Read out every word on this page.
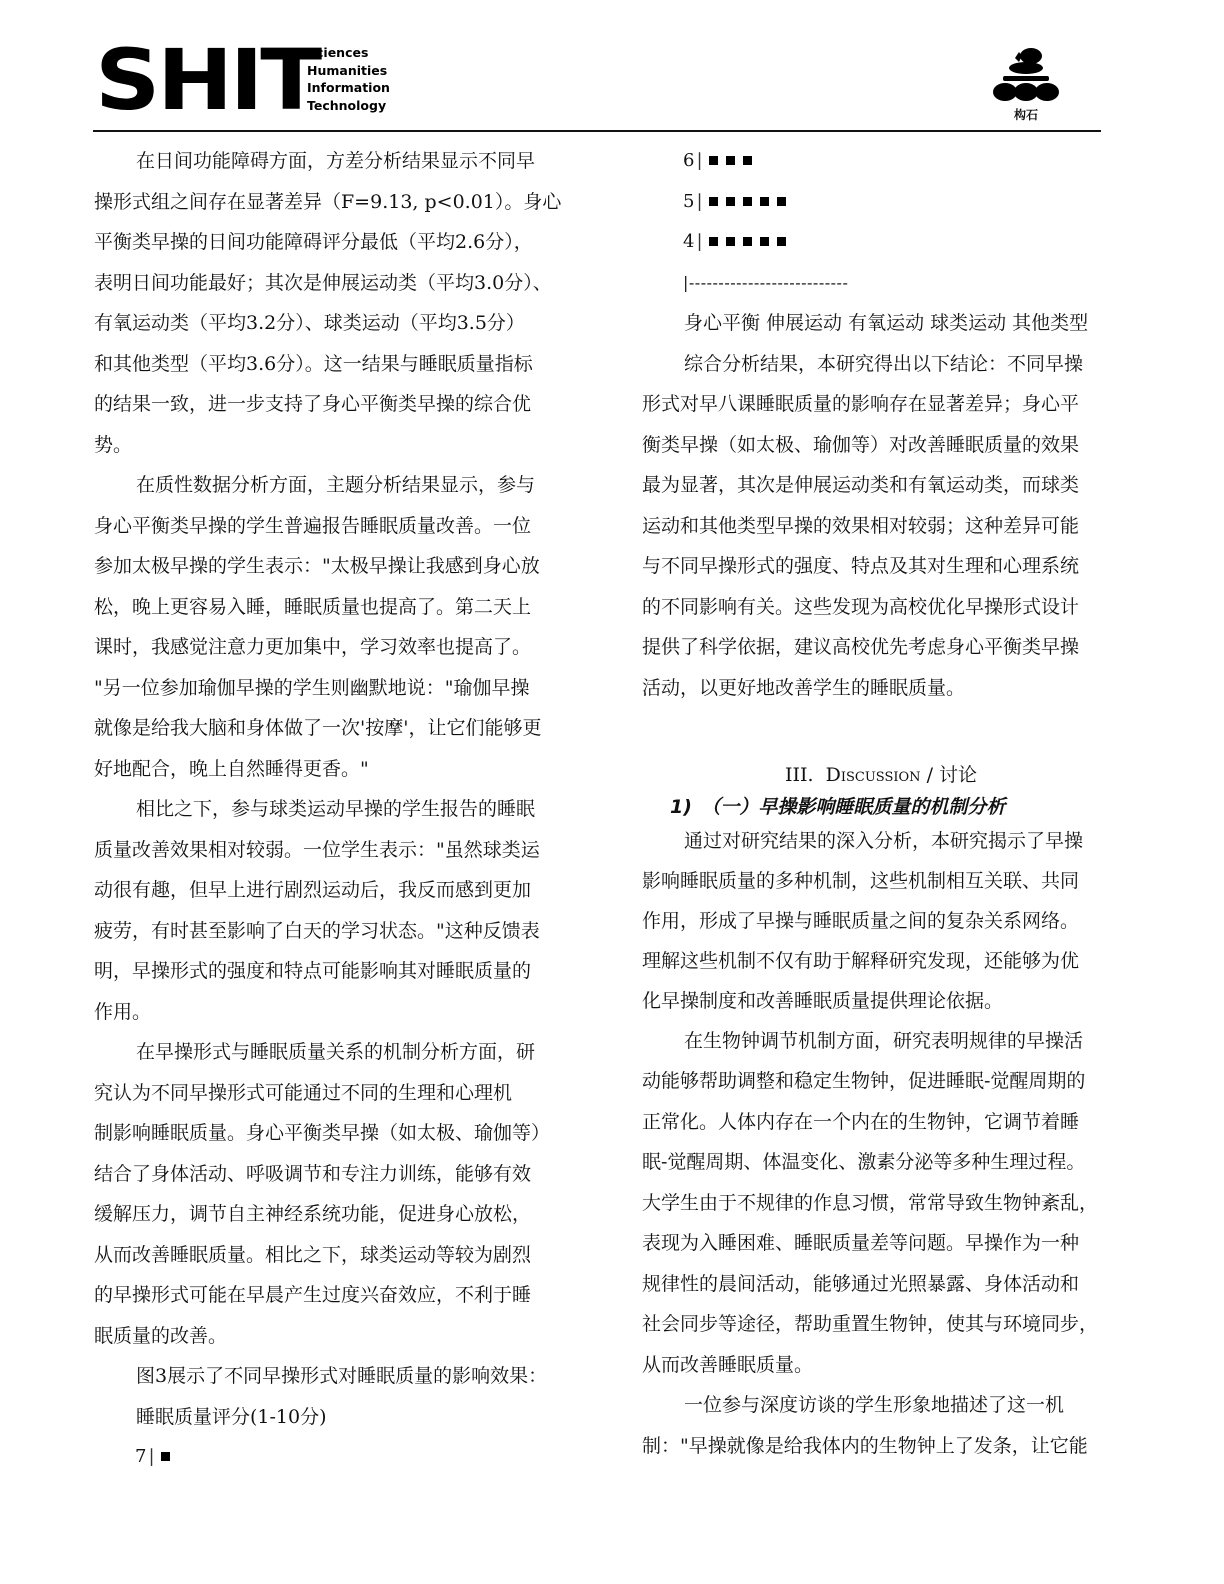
SHIT
Sciences
Humanities
Information
Technology
构石
在日间功能障碍方面，方差分析结果显示不同早
操形式组之间存在显著差异（F=9.13, p<0.01）。身心
平衡类早操的日间功能障碍评分最低（平均2.6分），
表明日间功能最好；其次是伸展运动类（平均3.0分）、
有氧运动类（平均3.2分）、球类运动（平均3.5分）
和其他类型（平均3.6分）。这一结果与睡眠质量指标
的结果一致，进一步支持了身心平衡类早操的综合优
势。
在质性数据分析方面，主题分析结果显示，参与
身心平衡类早操的学生普遍报告睡眠质量改善。一位
参加太极早操的学生表示："太极早操让我感到身心放
松，晚上更容易入睡，睡眠质量也提高了。第二天上
课时，我感觉注意力更加集中，学习效率也提高了。
"另一位参加瑜伽早操的学生则幽默地说："瑜伽早操
就像是给我大脑和身体做了一次'按摩'，让它们能够更
好地配合，晚上自然睡得更香。"
相比之下，参与球类运动早操的学生报告的睡眠
质量改善效果相对较弱。一位学生表示："虽然球类运
动很有趣，但早上进行剧烈运动后，我反而感到更加
疲劳，有时甚至影响了白天的学习状态。"这种反馈表
明，早操形式的强度和特点可能影响其对睡眠质量的
作用。
在早操形式与睡眠质量关系的机制分析方面，研
究认为不同早操形式可能通过不同的生理和心理机
制影响睡眠质量。身心平衡类早操（如太极、瑜伽等）
结合了身体活动、呼吸调节和专注力训练，能够有效
缓解压力，调节自主神经系统功能，促进身心放松，
从而改善睡眠质量。相比之下，球类运动等较为剧烈
的早操形式可能在早晨产生过度兴奋效应，不利于睡
眠质量的改善。
图3展示了不同早操形式对睡眠质量的影响效果：
睡眠质量评分(1-10分)
7 |
6 |
5 |
4 |
|---------------------------
身心平衡 伸展运动 有氧运动 球类运动 其他类型
综合分析结果，本研究得出以下结论：不同早操
形式对早八课睡眠质量的影响存在显著差异；身心平
衡类早操（如太极、瑜伽等）对改善睡眠质量的效果
最为显著，其次是伸展运动类和有氧运动类，而球类
运动和其他类型早操的效果相对较弱；这种差异可能
与不同早操形式的强度、特点及其对生理和心理系统
的不同影响有关。这些发现为高校优化早操形式设计
提供了科学依据，建议高校优先考虑身心平衡类早操
活动，以更好地改善学生的睡眠质量。
III. Discussion / 讨论
1)　（一）早操影响睡眠质量的机制分析
通过对研究结果的深入分析，本研究揭示了早操
影响睡眠质量的多种机制，这些机制相互关联、共同
作用，形成了早操与睡眠质量之间的复杂关系网络。
理解这些机制不仅有助于解释研究发现，还能够为优
化早操制度和改善睡眠质量提供理论依据。
在生物钟调节机制方面，研究表明规律的早操活
动能够帮助调整和稳定生物钟，促进睡眠-觉醒周期的
正常化。人体内存在一个内在的生物钟，它调节着睡
眠-觉醒周期、体温变化、激素分泌等多种生理过程。
大学生由于不规律的作息习惯，常常导致生物钟紊乱，
表现为入睡困难、睡眠质量差等问题。早操作为一种
规律性的晨间活动，能够通过光照暴露、身体活动和
社会同步等途径，帮助重置生物钟，使其与环境同步，
从而改善睡眠质量。
一位参与深度访谈的学生形象地描述了这一机
制："早操就像是给我体内的生物钟上了发条，让它能
